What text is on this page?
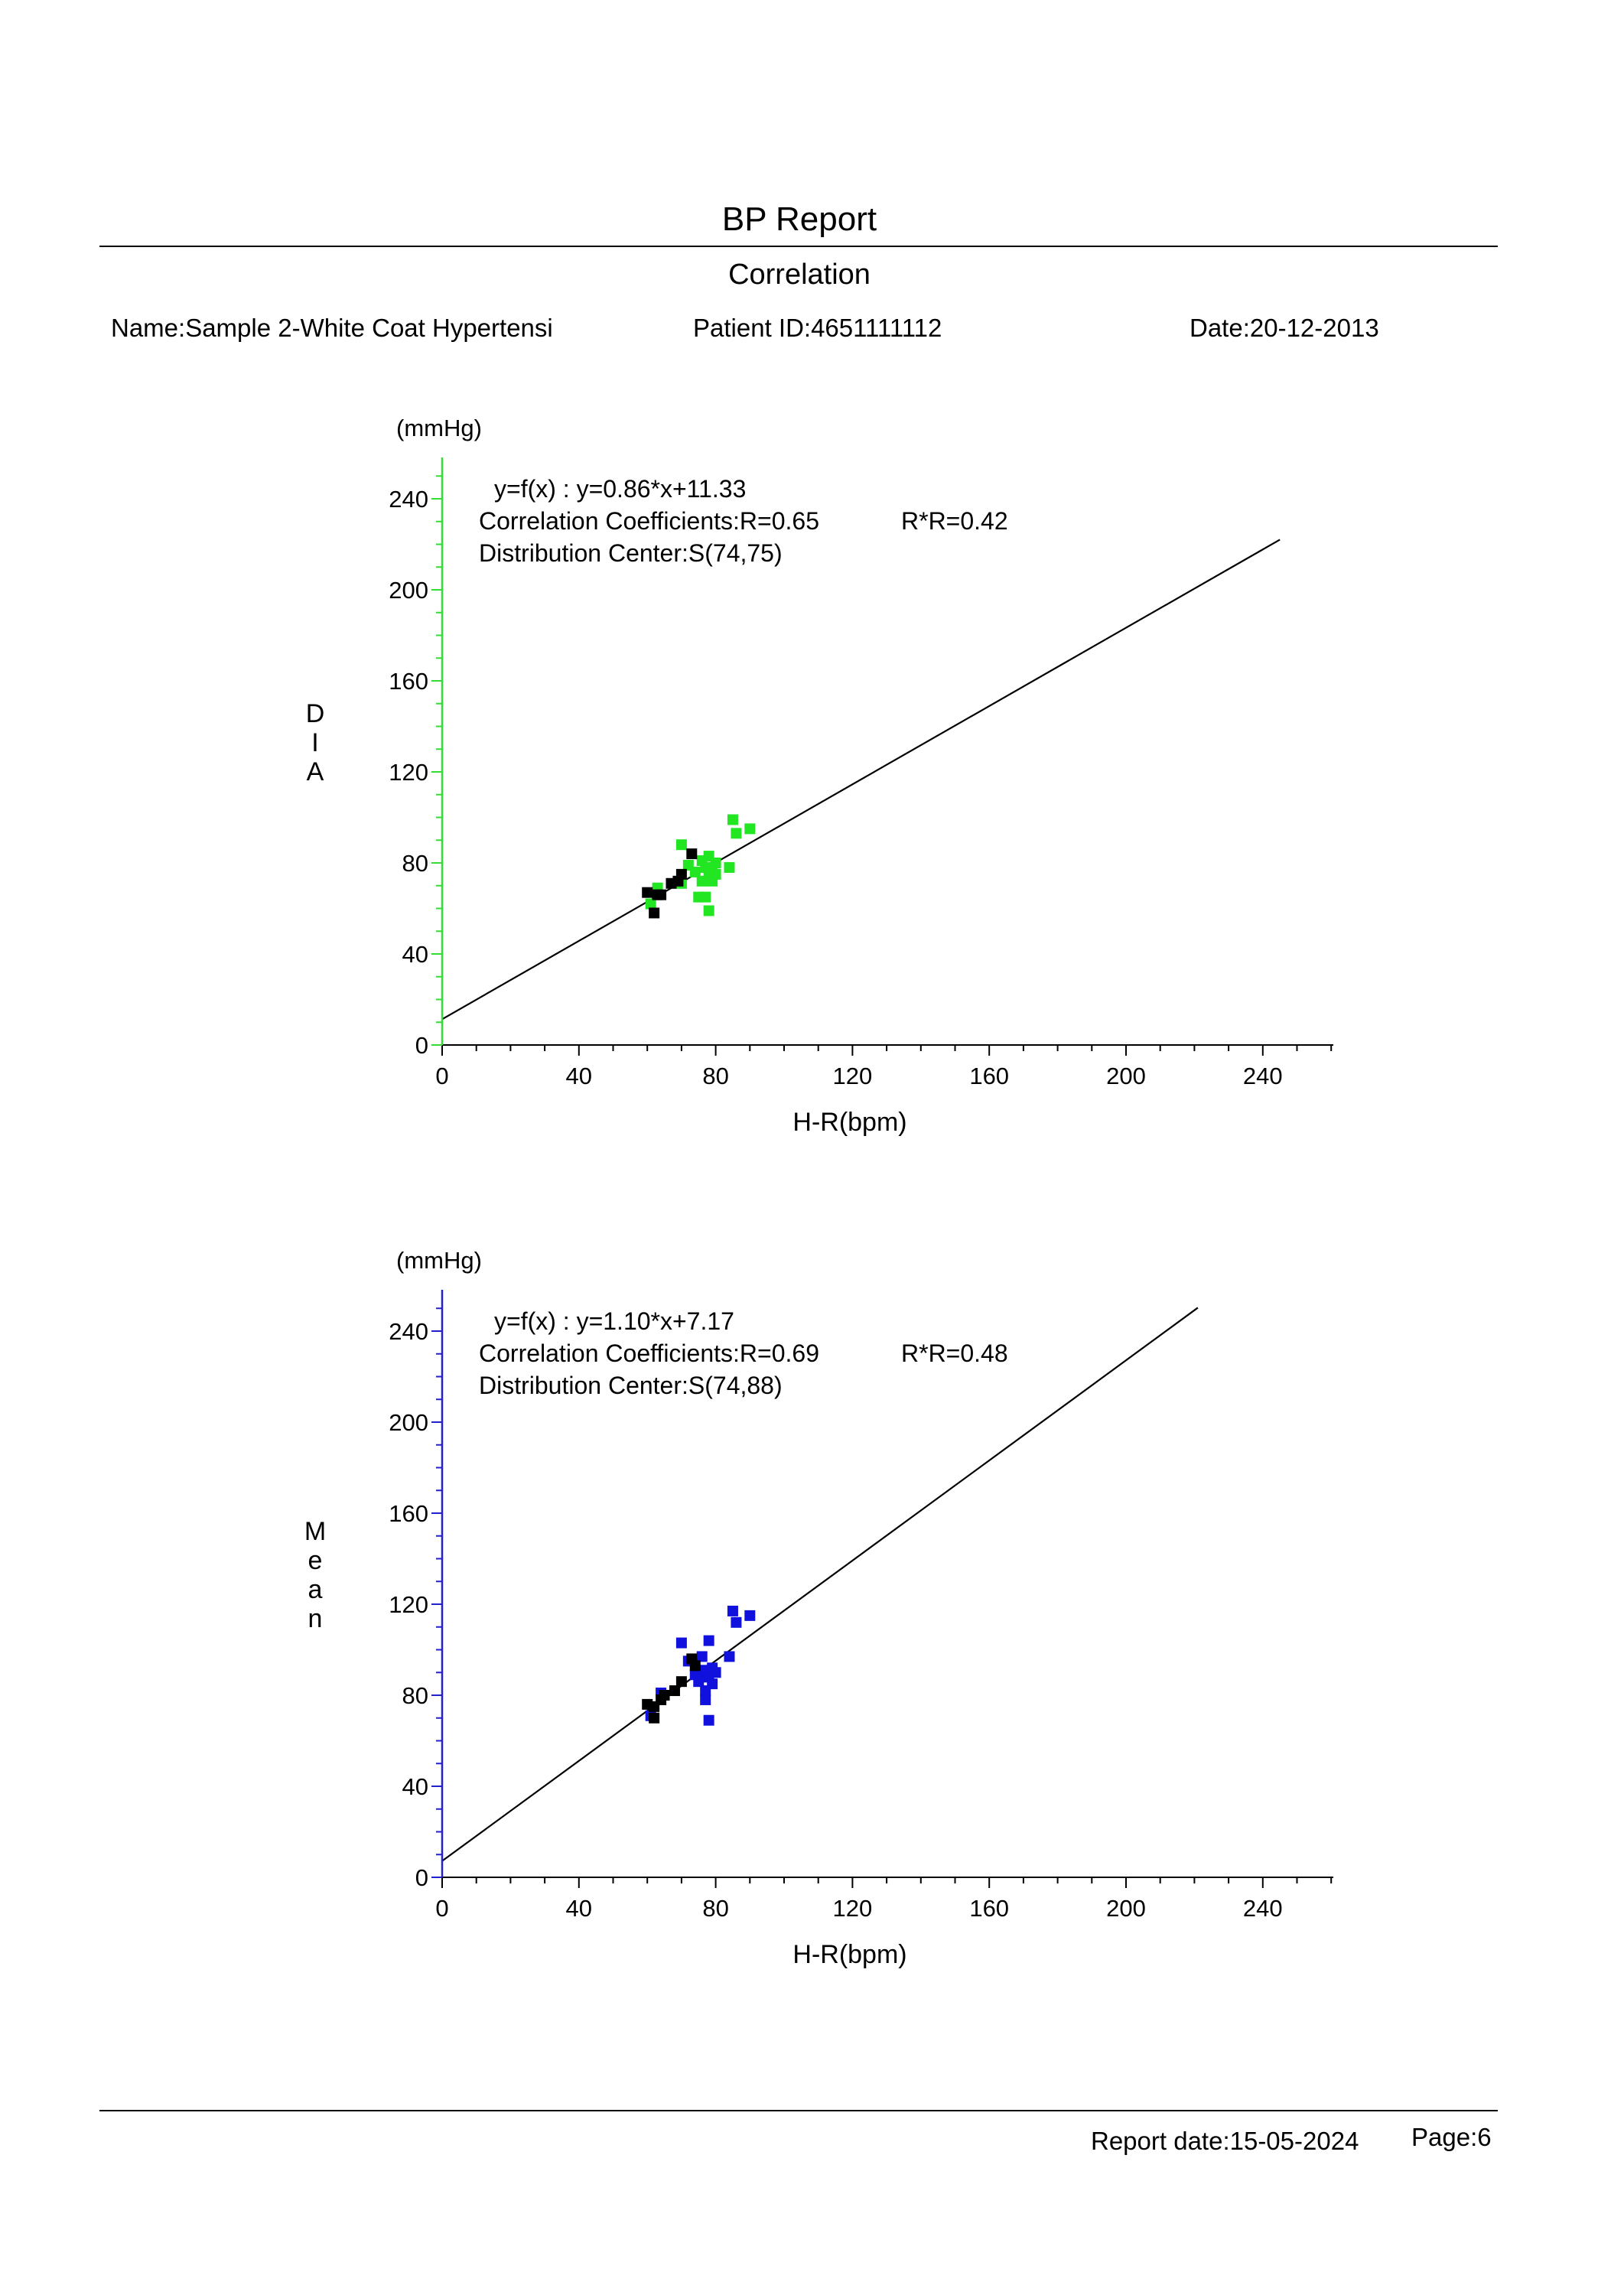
BP Report
Correlation
Name:Sample 2-White Coat Hypertensi	Patient ID:4651111112	Date:20-12-2013
(mmHg)
0	40	80	120	160	200	240
H-R(bpm)
0
40
80
120
160
200
240
D
I
A
y=f(x) : y=0.86*x+11.33
Correlation Coefficients:R=0.65	R*R=0.42
Distribution Center:S(74,75)
(mmHg)
0	40	80	120	160	200	240
H-R(bpm)
0
40
80
120
160
200
240
M
e
a
n
y=f(x) : y=1.10*x+7.17
Correlation Coefficients:R=0.69	R*R=0.48
Distribution Center:S(74,88)
Report date:15-05-2024 Page:6
